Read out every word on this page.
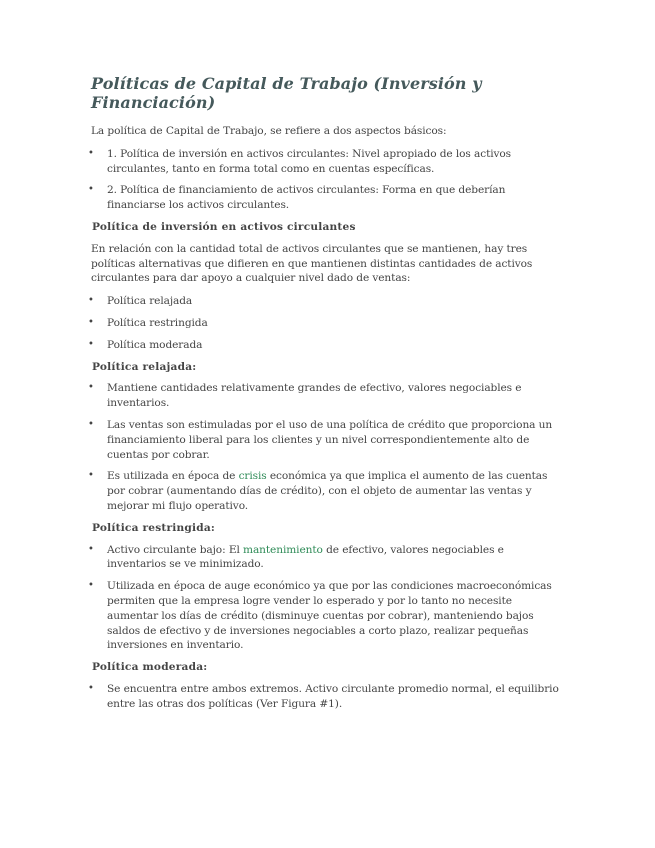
Políticas de Capital de Trabajo (Inversión y Financiación)

La política de Capital de Trabajo, se refiere a dos aspectos básicos:

• 1. Política de inversión en activos circulantes: Nivel apropiado de los activos circulantes, tanto en forma total como en cuentas específicas.
• 2. Política de financiamiento de activos circulantes: Forma en que deberían financiarse los activos circulantes.
Política de inversión en activos circulantes

En relación con la cantidad total de activos circulantes que se mantienen, hay tres políticas alternativas que difieren en que mantienen distintas cantidades de activos circulantes para dar apoyo a cualquier nivel dado de ventas:

• Política relajada
• Política restringida
• Política moderada
Política relajada:
• Mantiene cantidades relativamente grandes de efectivo, valores negociables e inventarios.
• Las ventas son estimuladas por el uso de una política de crédito que proporciona un financiamiento liberal para los clientes y un nivel correspondientemente alto de cuentas por cobrar.
• Es utilizada en época de crisis económica ya que implica el aumento de las cuentas por cobrar (aumentando días de crédito), con el objeto de aumentar las ventas y mejorar mi flujo operativo.
Política restringida:
• Activo circulante bajo: El mantenimiento de efectivo, valores negociables e inventarios se ve minimizado.
• Utilizada en época de auge económico ya que por las condiciones macroeconómicas permiten que la empresa logre vender lo esperado y por lo tanto no necesite aumentar los días de crédito (disminuye cuentas por cobrar), manteniendo bajos saldos de efectivo y de inversiones negociables a corto plazo, realizar pequeñas inversiones en inventario.
Política moderada:
• Se encuentra entre ambos extremos. Activo circulante promedio normal, el equilibrio entre las otras dos políticas (Ver Figura #1).
